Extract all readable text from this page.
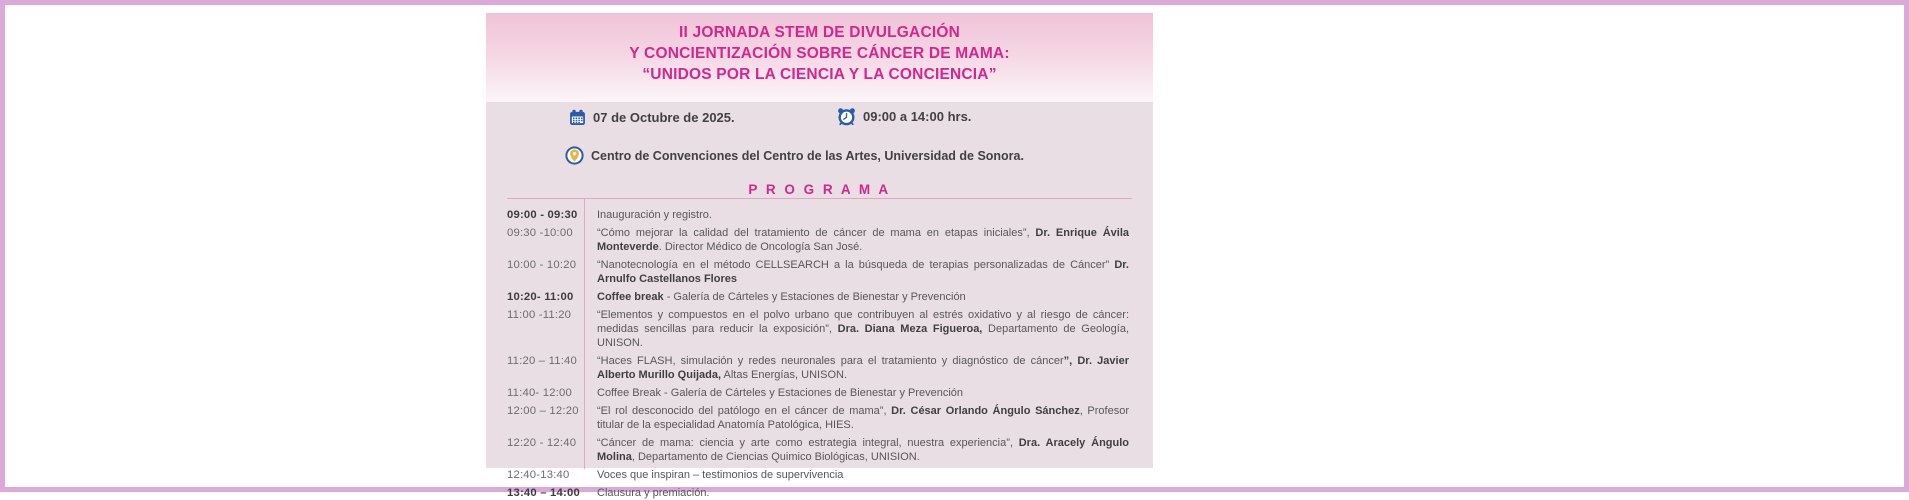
II JORNADA STEM DE DIVULGACIÓN
Y CONCIENTIZACIÓN SOBRE CÁNCER DE MAMA:
“UNIDOS POR LA CIENCIA Y LA CONCIENCIA”
07 de Octubre de 2025.	09:00 a 14:00 hrs.
Centro de Convenciones del Centro de las Artes, Universidad de Sonora.
P R O G R A M A
09:00 - 09:30	Inauguración y registro.
09:30 -10:00	“Cómo mejorar la calidad del tratamiento de cáncer de mama en etapas iniciales”, Dr. Enrique Ávila Monteverde. Director Médico de Oncología San José.
10:00 - 10:20	“Nanotecnología en el método CELLSEARCH a la búsqueda de terapias personalizadas de Cáncer” Dr. Arnulfo Castellanos Flores
10:20- 11:00	Coffee break - Galería de Cárteles y Estaciones de Bienestar y Prevención
11:00 -11:20	“Elementos y compuestos en el polvo urbano que contribuyen al estrés oxidativo y al riesgo de cáncer: medidas sencillas para reducir la exposición”, Dra. Diana Meza Figueroa, Departamento de Geología, UNISON.
11:20 – 11:40	“Haces FLASH, simulación y redes neuronales para el tratamiento y diagnóstico de cáncer”, Dr. Javier Alberto Murillo Quijada, Altas Energías, UNISON.
11:40- 12:00	Coffee Break - Galería de Cárteles y Estaciones de Bienestar y Prevención
12:00 – 12:20	“El rol desconocido del patólogo en el cáncer de mama”, Dr. César Orlando Ángulo Sánchez, Profesor titular de la especialidad Anatomía Patológica, HIES.
12:20 - 12:40	“Cáncer de mama: ciencia y arte como estrategia integral, nuestra experiencia”, Dra. Aracely Ángulo Molina, Departamento de Ciencias Quimico Biológicas, UNISION.
12:40-13:40	Voces que inspiran – testimonios de supervivencia
13:40 – 14:00	Clausura y premiación.
